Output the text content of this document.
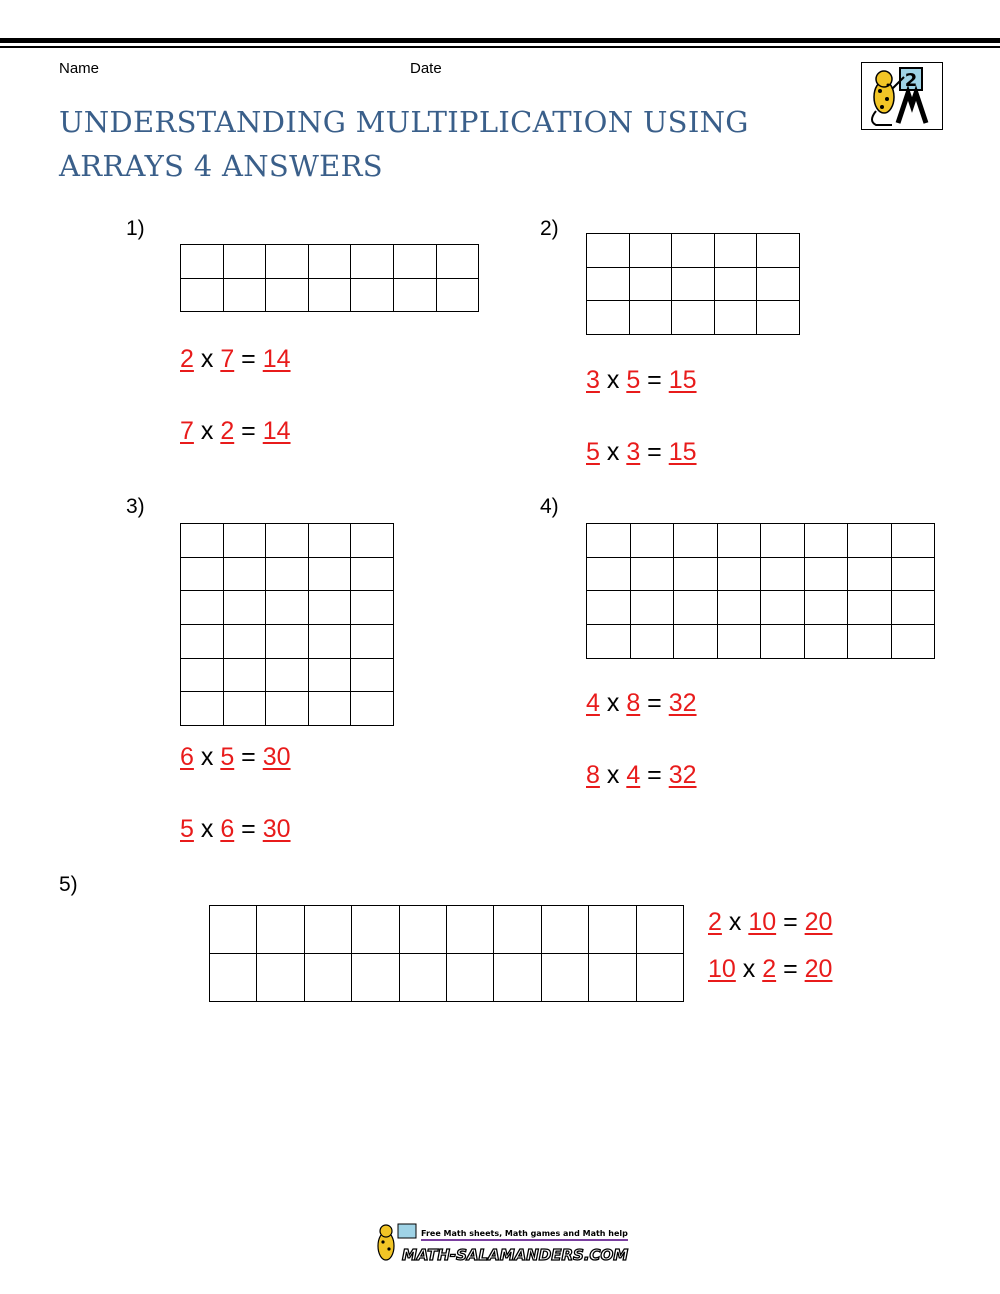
Name	Date
UNDERSTANDING MULTIPLICATION USING ARRAYS 4 ANSWERS
2
1)

2 x 7 = 14
7 x 2 = 14
2)

3 x 5 = 15
5 x 3 = 15
3)

6 x 5 = 30
5 x 6 = 30
4)

4 x 8 = 32
8 x 4 = 32
5)

2 x 10 = 20
10 x 2 = 20
Free Math sheets, Math games and Math help
MATH-SALAMANDERS.COM
